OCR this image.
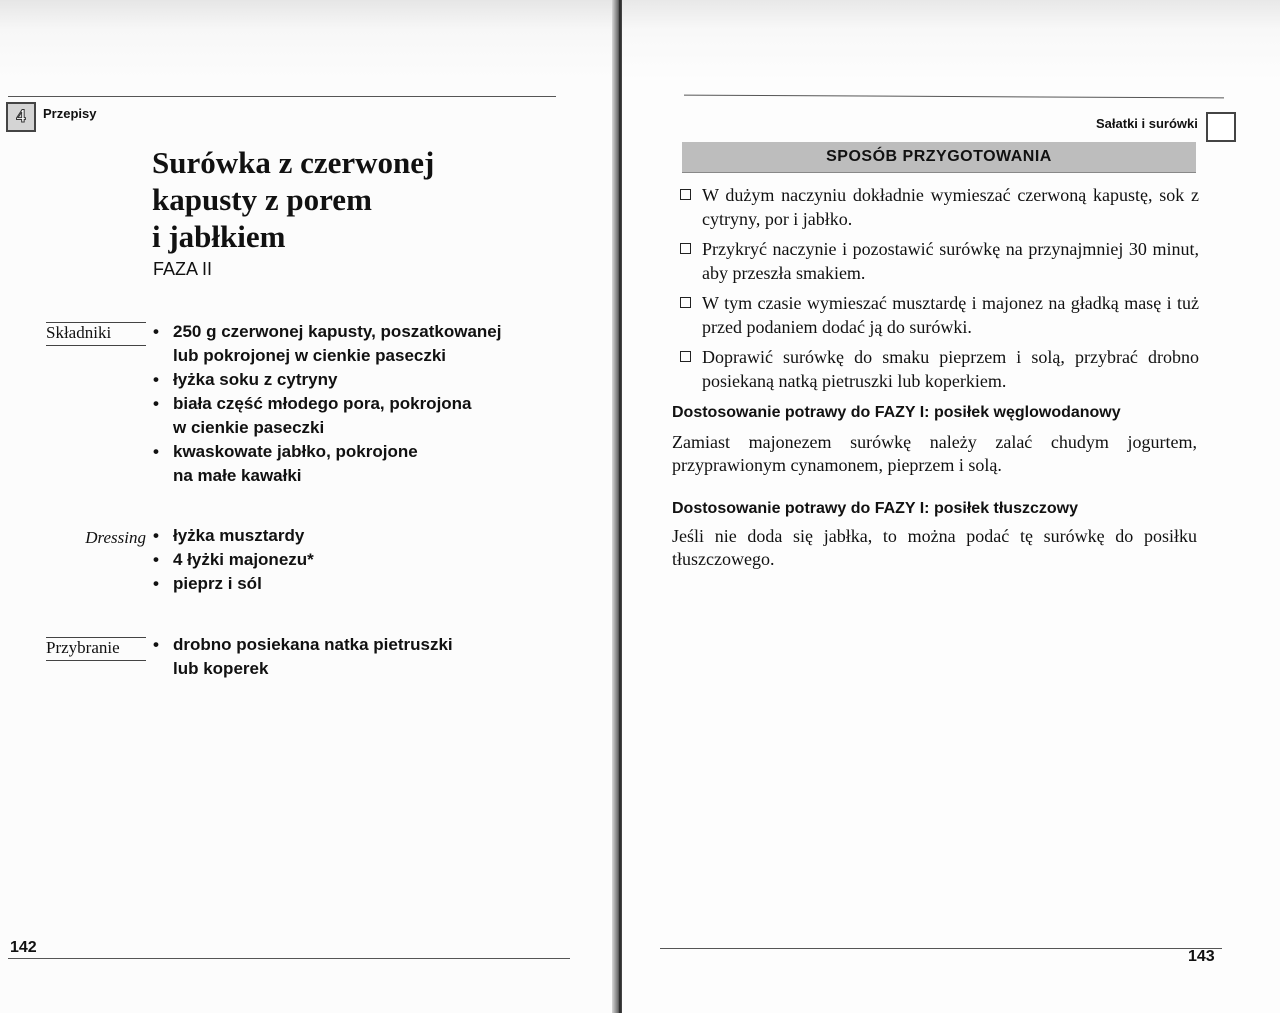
4	Przepisy
Surówka z czerwonej
kapusty z porem
i jabłkiem
FAZA II
Składniki	• 250 g czerwonej kapusty, poszatkowanej
lub pokrojonej w cienkie paseczki
• łyżka soku z cytryny
• biała część młodego pora, pokrojona
w cienkie paseczki
• kwaskowate jabłko, pokrojone
na małe kawałki
Dressing • łyżka musztardy
• 4 łyżki majonezu*
• pieprz i sól
Przybranie	• drobno posiekana natka pietruszki
lub koperek
142
Sałatki i surówki
SPOSÓB PRZYGOTOWANIA
W dużym naczyniu dokładnie wymieszać czerwoną kapustę, sok z cytryny, por i jabłko.
Przykryć naczynie i pozostawić surówkę na przynajmniej 30 minut, aby przeszła smakiem.
W tym czasie wymieszać musztardę i majonez na gładką masę i tuż przed podaniem dodać ją do surówki.
Doprawić surówkę do smaku pieprzem i solą, przybrać drobno posiekaną natką pietruszki lub koperkiem.
Dostosowanie potrawy do FAZY I: posiłek węglowodanowy
Zamiast majonezem surówkę należy zalać chudym jogurtem, przyprawionym cynamonem, pieprzem i solą.
Dostosowanie potrawy do FAZY I: posiłek tłuszczowy
Jeśli nie doda się jabłka, to można podać tę surówkę do posiłku tłuszczowego.
143
